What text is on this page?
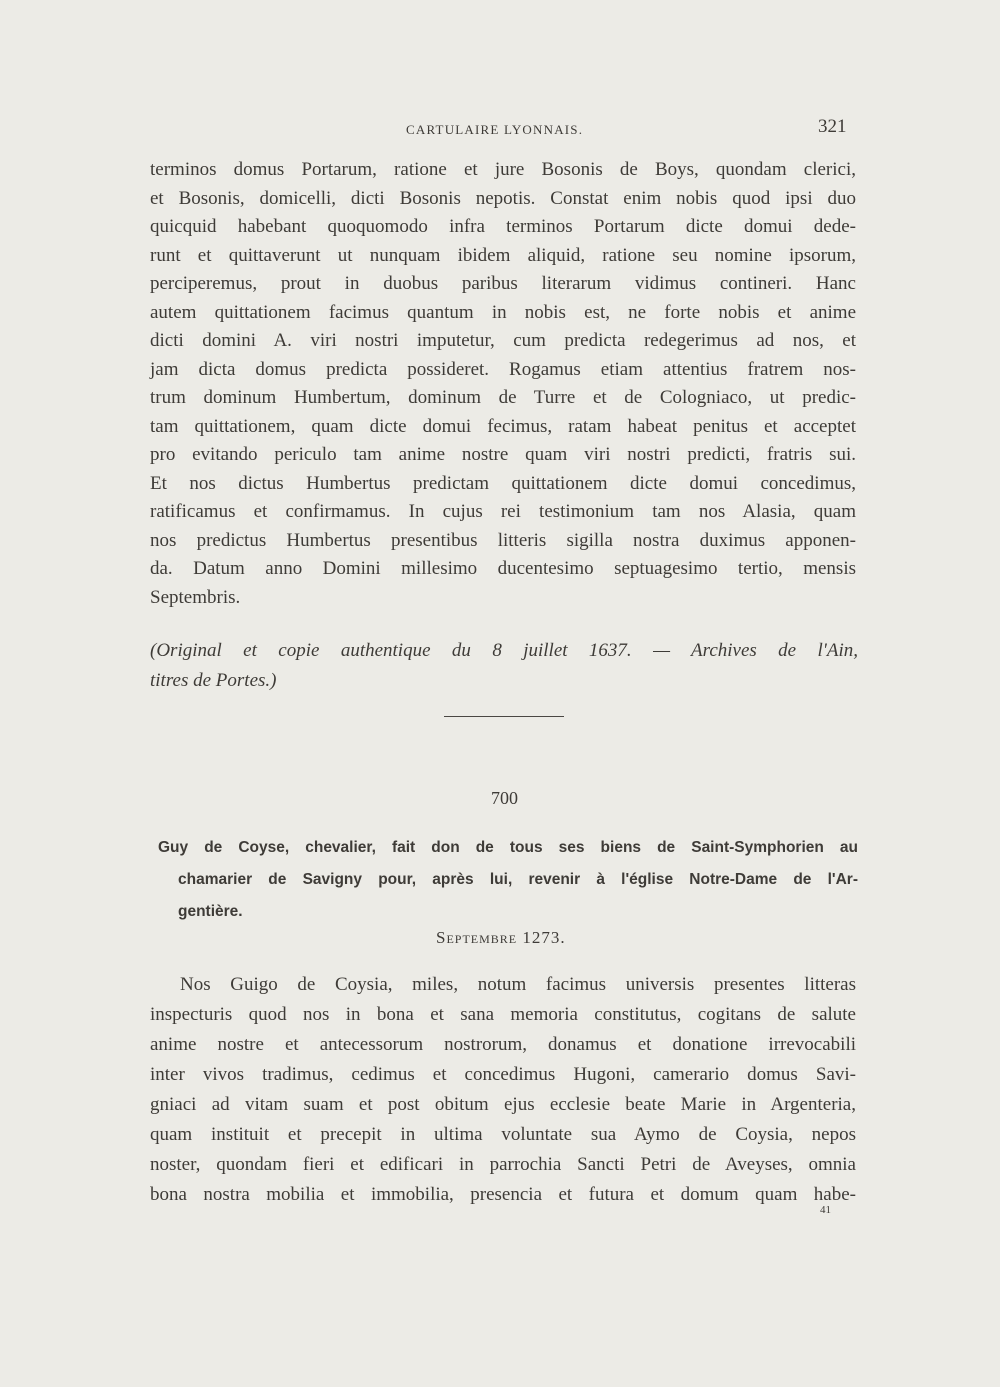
CARTULAIRE LYONNAIS.	321
terminos domus Portarum, ratione et jure Bosonis de Boys, quondam clerici,
et Bosonis, domicelli, dicti Bosonis nepotis. Constat enim nobis quod ipsi duo
quicquid habebant quoquomodo infra terminos Portarum dicte domui dede-
runt et quittaverunt ut nunquam ibidem aliquid, ratione seu nomine ipsorum,
perciperemus, prout in duobus paribus literarum vidimus contineri. Hanc
autem quittationem facimus quantum in nobis est, ne forte nobis et anime
dicti domini A. viri nostri imputetur, cum predicta redegerimus ad nos, et
jam dicta domus predicta possideret. Rogamus etiam attentius fratrem nos-
trum dominum Humbertum, dominum de Turre et de Cologniaco, ut predic-
tam quittationem, quam dicte domui fecimus, ratam habeat penitus et acceptet
pro evitando periculo tam anime nostre quam viri nostri predicti, fratris sui.
Et nos dictus Humbertus predictam quittationem dicte domui concedimus,
ratificamus et confirmamus. In cujus rei testimonium tam nos Alasia, quam
nos predictus Humbertus presentibus litteris sigilla nostra duximus apponen-
da. Datum anno Domini millesimo ducentesimo septuagesimo tertio, mensis
Septembris.
(Original et copie authentique du 8 juillet 1637. — Archives de l'Ain,
titres de Portes.)
700
Guy de Coyse, chevalier, fait don de tous ses biens de Saint-Symphorien au
chamarier de Savigny pour, après lui, revenir à l'église Notre-Dame de l'Ar-
gentière.
Septembre 1273.
Nos Guigo de Coysia, miles, notum facimus universis presentes litteras
inspecturis quod nos in bona et sana memoria constitutus, cogitans de salute
anime nostre et antecessorum nostrorum, donamus et donatione irrevocabili
inter vivos tradimus, cedimus et concedimus Hugoni, camerario domus Savi-
gniaci ad vitam suam et post obitum ejus ecclesie beate Marie in Argenteria,
quam instituit et precepit in ultima voluntate sua Aymo de Coysia, nepos
noster, quondam fieri et edificari in parrochia Sancti Petri de Aveyses, omnia
bona nostra mobilia et immobilia, presencia et futura et domum quam habe-
41
